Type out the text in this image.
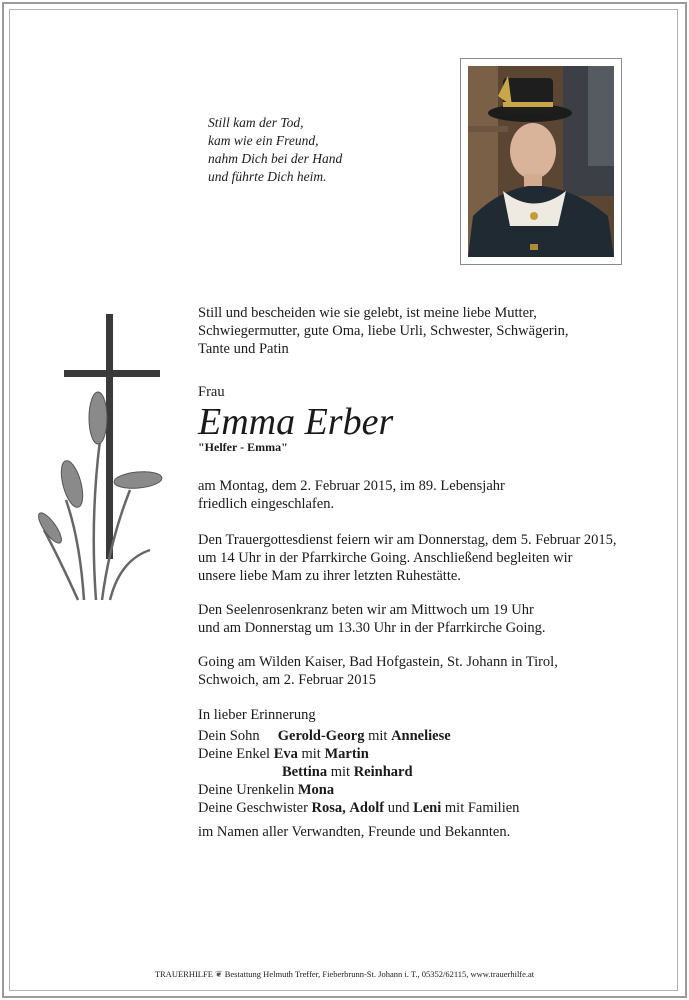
Still kam der Tod,
kam wie ein Freund,
nahm Dich bei der Hand
und führte Dich heim.
Still und bescheiden wie sie gelebt, ist meine liebe Mutter,
Schwiegermutter, gute Oma, liebe Urli, Schwester, Schwägerin,
Tante und Patin
Frau
Emma Erber
"Helfer - Emma"
am Montag, dem 2. Februar 2015, im 89. Lebensjahr
friedlich eingeschlafen.
Den Trauergottesdienst feiern wir am Donnerstag, dem 5. Februar 2015,
um 14 Uhr in der Pfarrkirche Going. Anschließend begleiten wir
unsere liebe Mam zu ihrer letzten Ruhestätte.
Den Seelenrosenkranz beten wir am Mittwoch um 19 Uhr
und am Donnerstag um 13.30 Uhr in der Pfarrkirche Going.
Going am Wilden Kaiser, Bad Hofgastein, St. Johann in Tirol,
Schwoich, am 2. Februar 2015
In lieber Erinnerung
Dein Sohn Gerold-Georg mit Anneliese
Deine Enkel Eva mit Martin
Bettina mit Reinhard
Deine Urenkelin Mona
Deine Geschwister Rosa, Adolf und Leni mit Familien
im Namen aller Verwandten, Freunde und Bekannten.
TRAUERHILFE ❦ Bestattung Helmuth Treffer, Fieberbrunn-St. Johann i. T., 05352/62115, www.trauerhilfe.at
